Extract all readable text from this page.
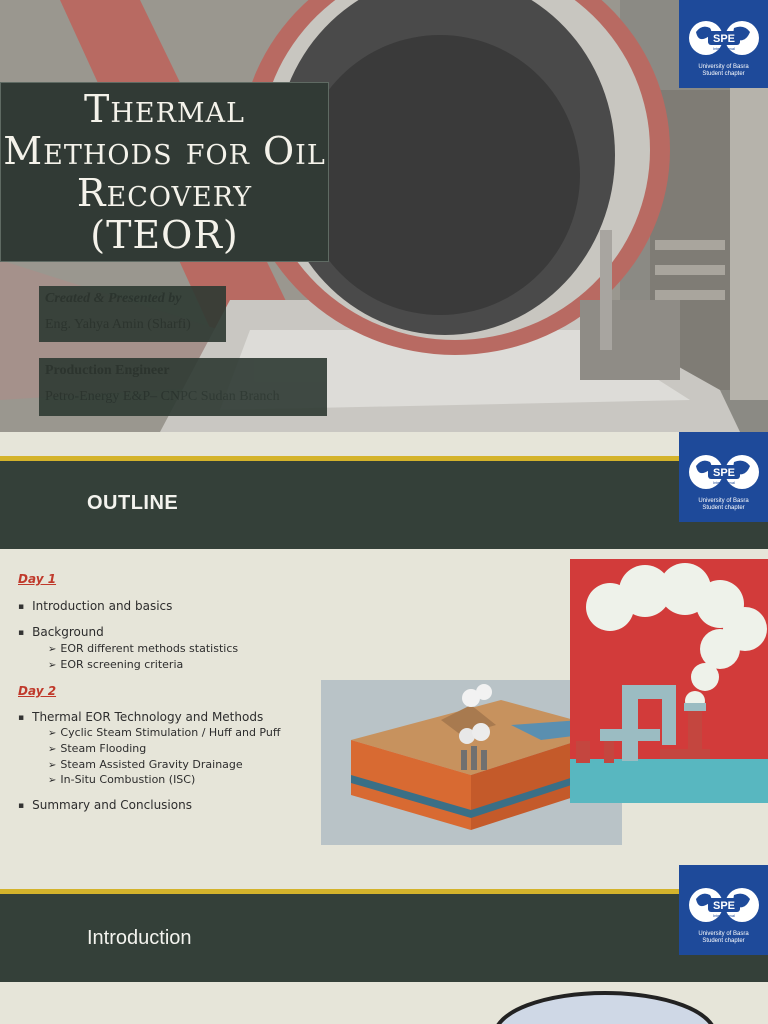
Thermal Methods for Oil Recovery (TEOR)
Created & Presented by
Eng. Yahya Amin (Sharfi)
Production Engineer
Petro-Energy E&P– CNPC Sudan Branch
SPE
International
University of Basra
Student chapter
OUTLINE
SPE
International
University of Basra
Student chapter
Day 1
▪ Introduction and basics
▪ Background
➢ EOR different methods statistics
➢ EOR screening criteria
Day 2
▪ Thermal EOR Technology and Methods
➢ Cyclic Steam Stimulation / Huff and Puff
➢ Steam Flooding
➢ Steam Assisted Gravity Drainage
➢ In-Situ Combustion (ISC)
▪ Summary and Conclusions
Introduction
SPE
International
University of Basra
Student chapter
